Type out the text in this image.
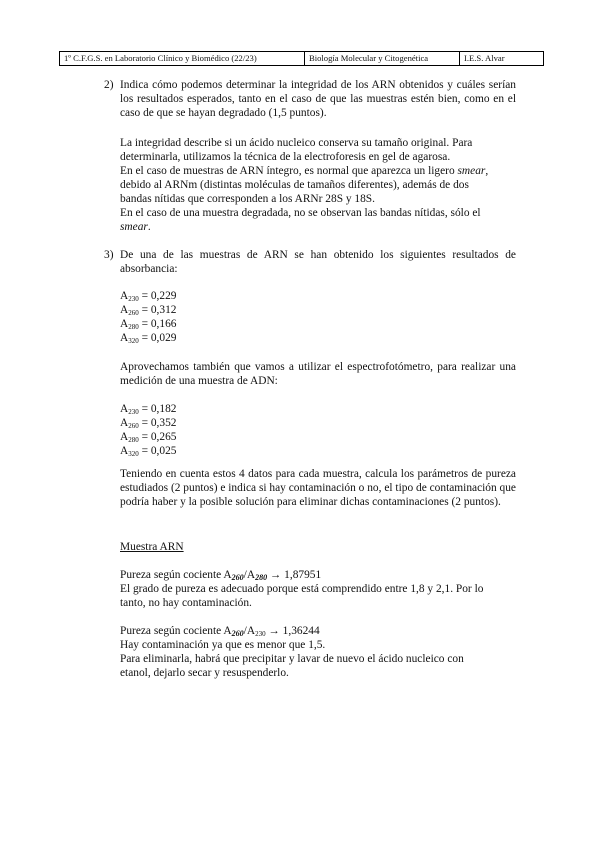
1º C.F.G.S. en Laboratorio Clínico y Biomédico (22/23)	Biología Molecular y Citogenética	I.E.S. Alvar
2) Indica cómo podemos determinar la integridad de los ARN obtenidos y cuáles serían los resultados esperados, tanto en el caso de que las muestras estén bien, como en el caso de que se hayan degradado (1,5 puntos).
La integridad describe si un ácido nucleico conserva su tamaño original. Para
determinarla, utilizamos la técnica de la electroforesis en gel de agarosa.
En el caso de muestras de ARN íntegro, es normal que aparezca un ligero smear,
debido al ARNm (distintas moléculas de tamaños diferentes), además de dos
bandas nítidas que corresponden a los ARNr 28S y 18S.
En el caso de una muestra degradada, no se observan las bandas nítidas, sólo el
smear.
3) De una de las muestras de ARN se han obtenido los siguientes resultados de absorbancia:
$A_{230} = 0,229$
$A_{260} = 0,312$
$A_{280} = 0,166$
$A_{320} = 0,029$
Aprovechamos también que vamos a utilizar el espectrofotómetro, para realizar una medición de una muestra de ADN:
$A_{230} = 0,182$
$A_{260} = 0,352$
$A_{280} = 0,265$
$A_{320} = 0,025$
Teniendo en cuenta estos 4 datos para cada muestra, calcula los parámetros de pureza estudiados (2 puntos) e indica si hay contaminación o no, el tipo de contaminación que podría haber y la posible solución para eliminar dichas contaminaciones (2 puntos).
Muestra ARN
Pureza según cociente $A_{260}/A_{280} \to 1,87951$
El grado de pureza es adecuado porque está comprendido entre 1,8 y 2,1. Por lo
tanto, no hay contaminación.
Pureza según cociente $A_{260}/A_{230} \to 1,36244$
Hay contaminación ya que es menor que 1,5.
Para eliminarla, habrá que precipitar y lavar de nuevo el ácido nucleico con
etanol, dejarlo secar y resuspenderlo.
